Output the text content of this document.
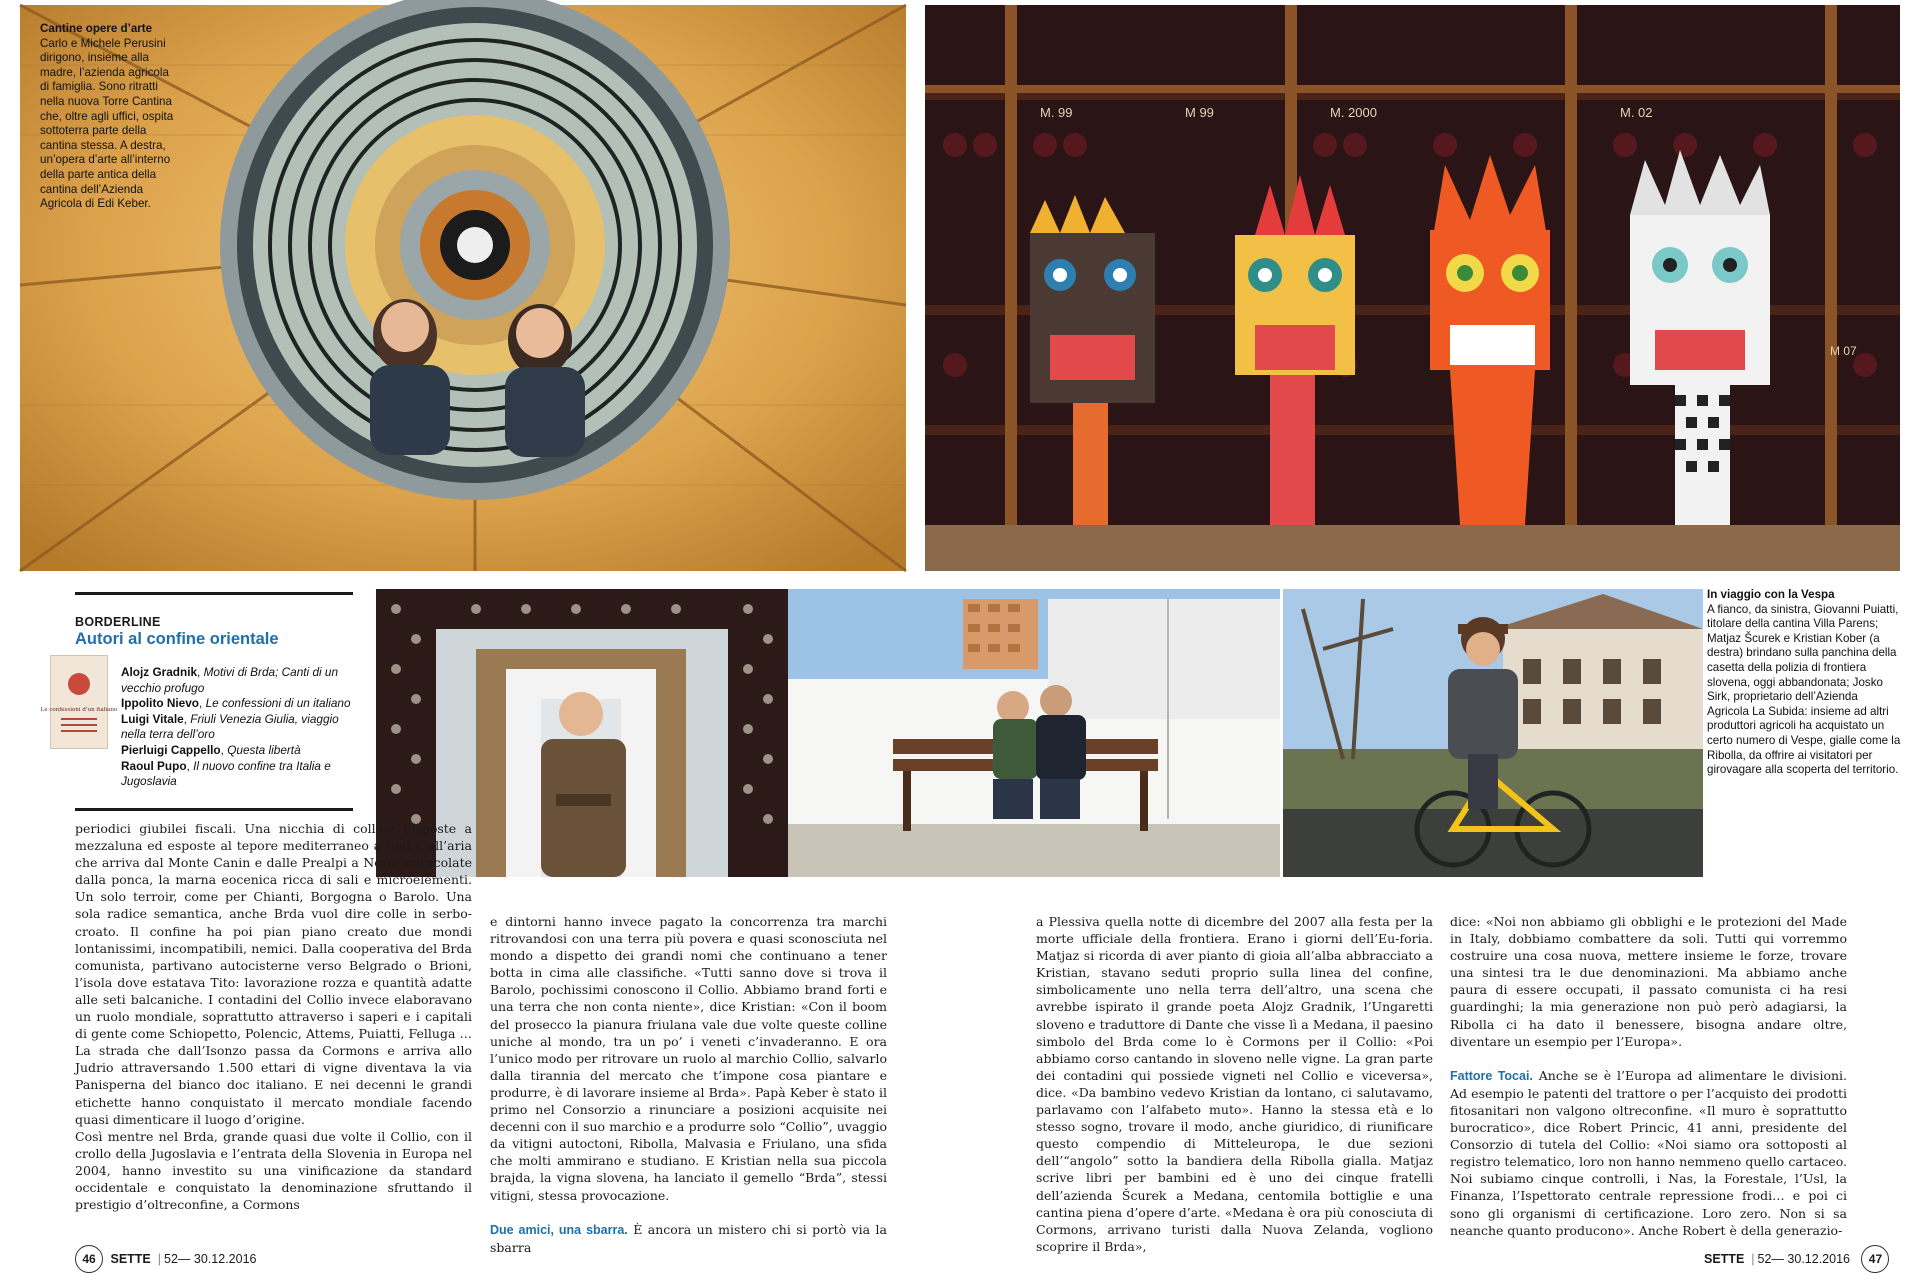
Cantine opere d’arte
Carlo e Michele Perusini dirigono, insieme alla madre, l’azienda agricola di famiglia. Sono ritratti nella nuova Torre Cantina che, oltre agli uffici, ospita sottoterra parte della cantina stessa. A destra, un’opera d’arte all’interno della parte antica della cantina dell’Azienda Agricola di Edi Keber.
M. 99	M 99	M. 2000	M. 02
M 07
BORDERLINE
Autori al confine orientale
Le confessioni d’un italiano

Alojz Gradnik, Motivi di Brda; Canti di un vecchio profugo

Ippolito Nievo, Le confessioni di un italiano

Luigi Vitale, Friuli Venezia Giulia, viaggio nella terra dell’oro

Pierluigi Cappello, Questa libertà

Raoul Pupo, Il nuovo confine tra Italia e Jugoslavia

In viaggio con la Vespa
A fianco, da sinistra, Giovanni Puiatti, titolare della cantina Villa Parens; Matjaz Šcurek e Kristian Kober (a destra) brindano sulla panchina della casetta della polizia di frontiera slovena, oggi abbandonata; Josko Sirk, proprietario dell’Azienda Agricola La Subida: insieme ad altri produttori agricoli ha acquistato un certo numero di Vespe, gialle come la Ribolla, da offrire ai visitatori per girovagare alla scoperta del territorio.

periodici giubilei fiscali. Una nicchia di colline disposte a mezzaluna ed esposte al tepore mediterraneo a Sud e all’aria che arriva dal Monte Canin e dalle Prealpi a Nord; miracolate dalla ponca, la marna eocenica ricca di sali e microelementi. Un solo terroir, come per Chianti, Borgogna o Barolo. Una sola radice semantica, anche Brda vuol dire colle in serbo-croato. Il confine ha poi pian piano creato due mondi lontanissimi, incompatibili, nemici. Dalla cooperativa del Brda comunista, partivano autocisterne verso Belgrado o Brioni, l’isola dove estatava Tito: lavorazione rozza e quantità adatte alle seti balcaniche. I contadini del Collio invece elaboravano un ruolo mondiale, soprattutto attraverso i saperi e i capitali di gente come Schiopetto, Polencic, Attems, Puiatti, Felluga … La strada che dall’Isonzo passa da Cormons e arriva allo Judrio attraversando 1.500 ettari di vigne diventava la via Panisperna del bianco doc italiano. E nei decenni le grandi etichette hanno conquistato il mercato mondiale facendo quasi dimenticare il luogo d’origine.

Così mentre nel Brda, grande quasi due volte il Collio, con il crollo della Jugoslavia e l’entrata della Slovenia in Europa nel 2004, hanno investito su una vinificazione da standard occidentale e conquistato la denominazione sfruttando il prestigio d’oltreconfine, a Cormons

e dintorni hanno invece pagato la concorrenza tra marchi ritrovandosi con una terra più povera e quasi sconosciuta nel mondo a dispetto dei grandi nomi che continuano a tener botta in cima alle classifiche. «Tutti sanno dove si trova il Barolo, pochissimi conoscono il Collio. Abbiamo brand forti e una terra che non conta niente», dice Kristian: «Con il boom del prosecco la pianura friulana vale due volte queste colline uniche al mondo, tra un po’ i veneti c’invaderanno. E ora l’unico modo per ritrovare un ruolo al marchio Collio, salvarlo dalla tirannia del mercato che t’impone cosa piantare e produrre, è di lavorare insieme al Brda». Papà Keber è stato il primo nel Consorzio a rinunciare a posizioni acquisite nei decenni con il suo marchio e a produrre solo “Collio”, uvaggio da vitigni autoctoni, Ribolla, Malvasia e Friulano, una sfida che molti ammirano e studiano. E Kristian nella sua piccola brajda, la vigna slovena, ha lanciato il gemello “Brda”, stessi vitigni, stessa provocazione.

Due amici, una sbarra. È ancora un mistero chi si portò via la sbarra

a Plessiva quella notte di dicembre del 2007 alla festa per la morte ufficiale della frontiera. Erano i giorni dell’Eu-foria. Matjaz si ricorda di aver pianto di gioia all’alba abbracciato a Kristian, stavano seduti proprio sulla linea del confine, simbolicamente uno nella terra dell’altro, una scena che avrebbe ispirato il grande poeta Alojz Gradnik, l’Ungaretti sloveno e traduttore di Dante che visse lì a Medana, il paesino simbolo del Brda come lo è Cormons per il Collio: «Poi abbiamo corso cantando in sloveno nelle vigne. La gran parte dei contadini qui possiede vigneti nel Collio e viceversa», dice. «Da bambino vedevo Kristian da lontano, ci salutavamo, parlavamo con l’alfabeto muto». Hanno la stessa età e lo stesso sogno, trovare il modo, anche giuridico, di riunificare questo compendio di Mitteleuropa, le due sezioni dell’“angolo” sotto la bandiera della Ribolla gialla. Matjaz scrive libri per bambini ed è uno dei cinque fratelli dell’azienda Šcurek a Medana, centomila bottiglie e una cantina piena d’opere d’arte. «Medana è ora più conosciuta di Cormons, arrivano turisti dalla Nuova Zelanda, vogliono scoprire il Brda»,

dice: «Noi non abbiamo gli obblighi e le protezioni del Made in Italy, dobbiamo combattere da soli. Tutti qui vorremmo costruire una cosa nuova, mettere insieme le forze, trovare una sintesi tra le due denominazioni. Ma abbiamo anche paura di essere occupati, il passato comunista ci ha resi guardinghi; la mia generazione non può però adagiarsi, la Ribolla ci ha dato il benessere, bisogna andare oltre, diventare un esempio per l’Europa».

Fattore Tocai. Anche se è l’Europa ad alimentare le divisioni. Ad esempio le patenti del trattore o per l’acquisto dei prodotti fitosanitari non valgono oltreconfine. «Il muro è soprattutto burocratico», dice Robert Princic, 41 anni, presidente del Consorzio di tutela del Collio: «Noi siamo ora sottoposti al registro telematico, loro non hanno nemmeno quello cartaceo. Noi subiamo cinque controlli, i Nas, la Forestale, l’Usl, la Finanza, l’Ispettorato centrale repressione frodi… e poi ci sono gli organismi di certificazione. Loro zero. Non si sa neanche quanto producono». Anche Robert è della generazio-

46 SETTE | 52— 30.12.2016	SETTE | 52— 30.12.2016 47
